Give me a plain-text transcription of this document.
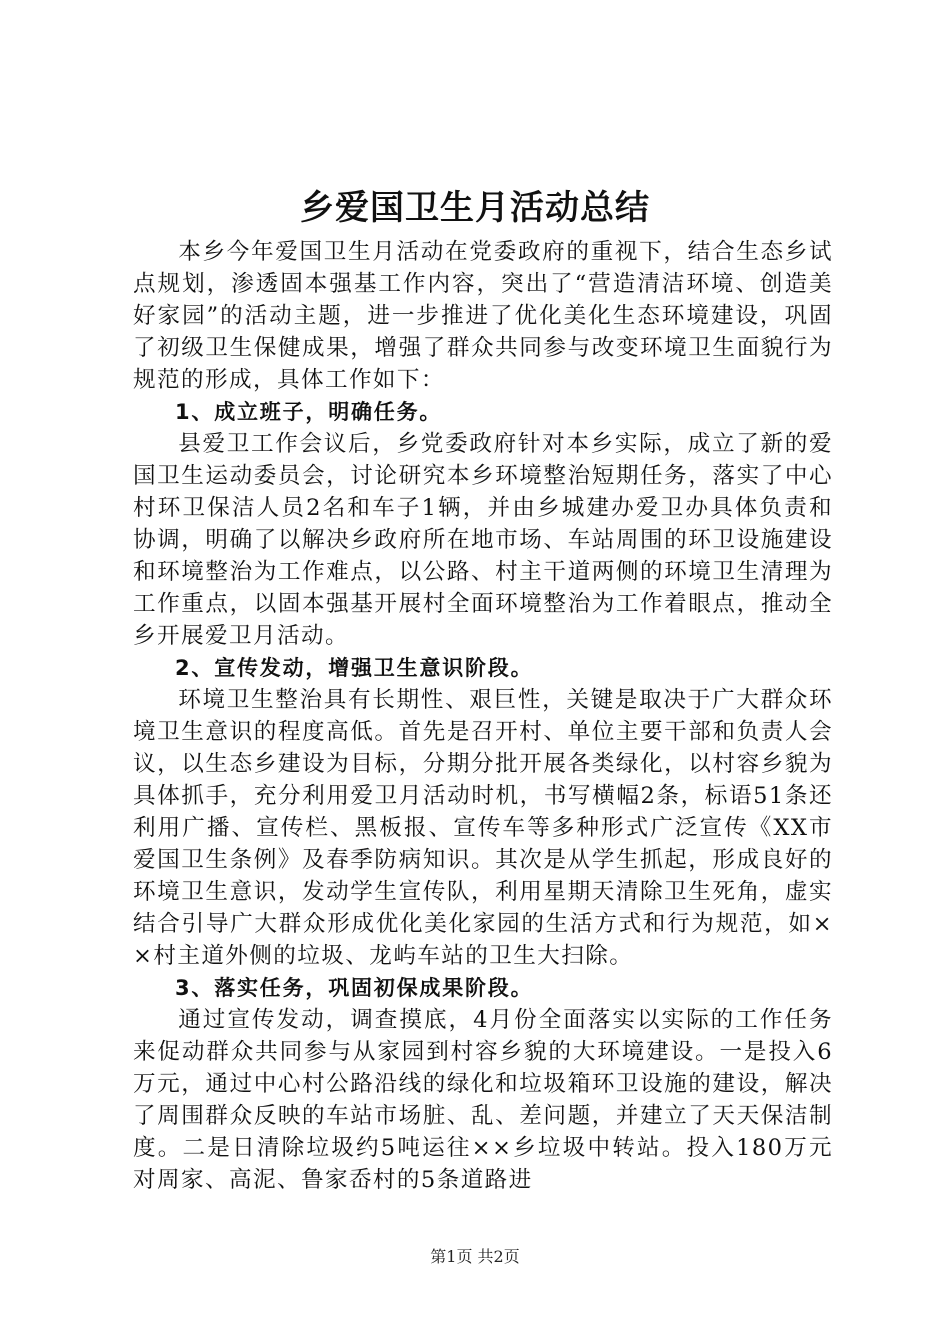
乡爱国卫生月活动总结

本乡今年爱国卫生月活动在党委政府的重视下，结合生态乡试点规划，渗透固本强基工作内容，突出了“营造清洁环境、创造美好家园”的活动主题，进一步推进了优化美化生态环境建设，巩固了初级卫生保健成果，增强了群众共同参与改变环境卫生面貌行为规范的形成，具体工作如下：

1、成立班子，明确任务。

县爱卫工作会议后，乡党委政府针对本乡实际，成立了新的爱国卫生运动委员会，讨论研究本乡环境整治短期任务，落实了中心村环卫保洁人员2名和车子1辆，并由乡城建办爱卫办具体负责和协调，明确了以解决乡政府所在地市场、车站周围的环卫设施建设和环境整治为工作难点，以公路、村主干道两侧的环境卫生清理为工作重点，以固本强基开展村全面环境整治为工作着眼点，推动全乡开展爱卫月活动。

2、宣传发动，增强卫生意识阶段。

环境卫生整治具有长期性、艰巨性，关键是取决于广大群众环境卫生意识的程度高低。首先是召开村、单位主要干部和负责人会议，以生态乡建设为目标，分期分批开展各类绿化，以村容乡貌为具体抓手，充分利用爱卫月活动时机，书写横幅2条，标语51条还利用广播、宣传栏、黑板报、宣传车等多种形式广泛宣传《XX市爱国卫生条例》及春季防病知识。其次是从学生抓起，形成良好的环境卫生意识，发动学生宣传队，利用星期天清除卫生死角，虚实结合引导广大群众形成优化美化家园的生活方式和行为规范，如××村主道外侧的垃圾、龙屿车站的卫生大扫除。

3、落实任务，巩固初保成果阶段。

通过宣传发动，调查摸底，4月份全面落实以实际的工作任务来促动群众共同参与从家园到村容乡貌的大环境建设。一是投入6万元，通过中心村公路沿线的绿化和垃圾箱环卫设施的建设，解决了周围群众反映的车站市场脏、乱、差问题，并建立了天天保洁制度。二是日清除垃圾约5吨运往××乡垃圾中转站。投入180万元对周家、高泥、鲁家岙村的5条道路进

第1页 共2页
